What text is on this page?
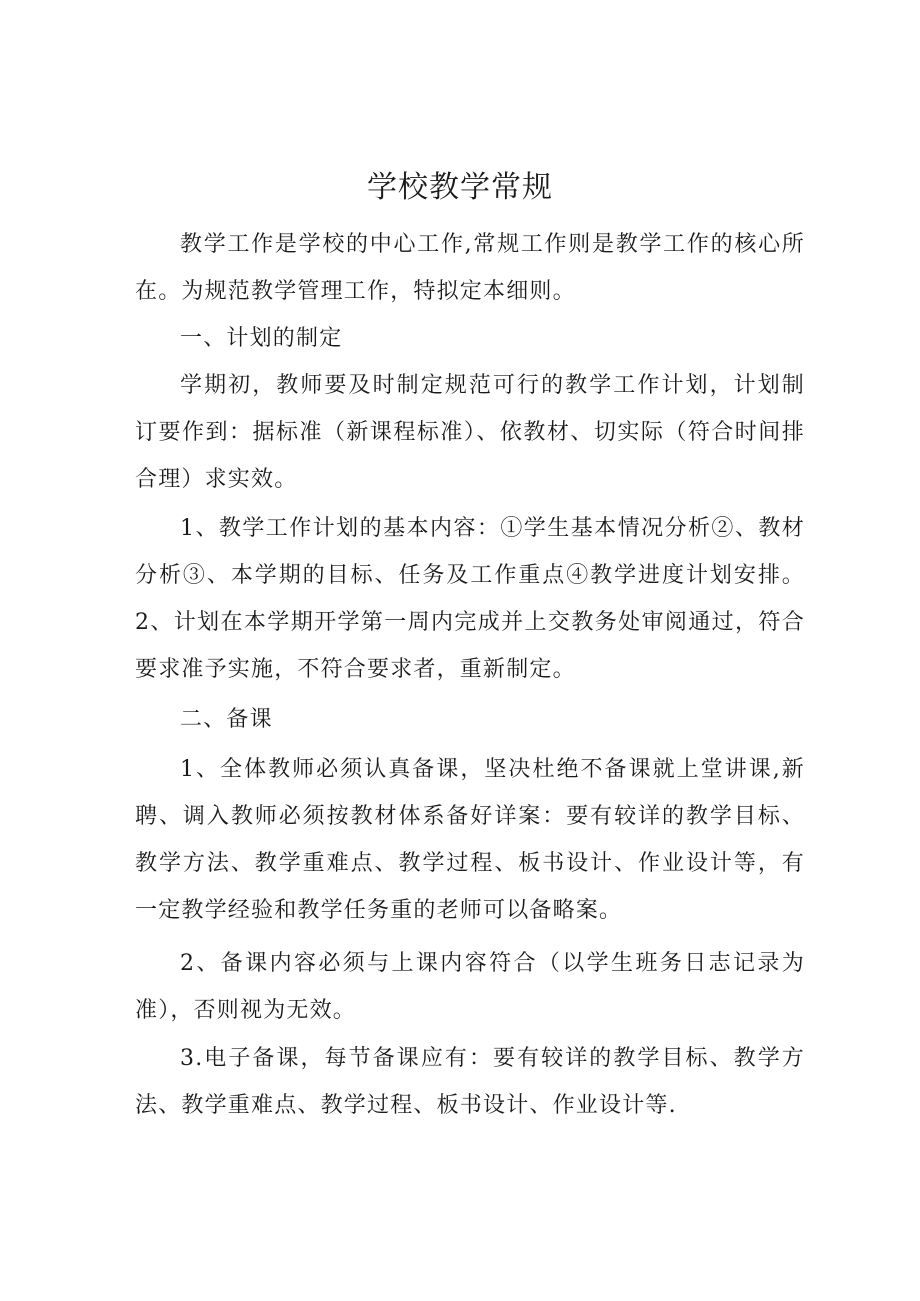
学校教学常规

教学工作是学校的中心工作,常规工作则是教学工作的核心所在。为规范教学管理工作，特拟定本细则。

一、计划的制定

学期初，教师要及时制定规范可行的教学工作计划，计划制订要作到：据标准（新课程标准）、依教材、切实际（符合时间排合理）求实效。

1、教学工作计划的基本内容：①学生基本情况分析②、教材分析③、本学期的目标、任务及工作重点④教学进度计划安排。2、计划在本学期开学第一周内完成并上交教务处审阅通过，符合要求准予实施，不符合要求者，重新制定。

二、备课

1、全体教师必须认真备课，坚决杜绝不备课就上堂讲课,新聘、调入教师必须按教材体系备好详案：要有较详的教学目标、教学方法、教学重难点、教学过程、板书设计、作业设计等，有一定教学经验和教学任务重的老师可以备略案。

2、备课内容必须与上课内容符合（以学生班务日志记录为准），否则视为无效。

3.电子备课，每节备课应有：要有较详的教学目标、教学方法、教学重难点、教学过程、板书设计、作业设计等.
